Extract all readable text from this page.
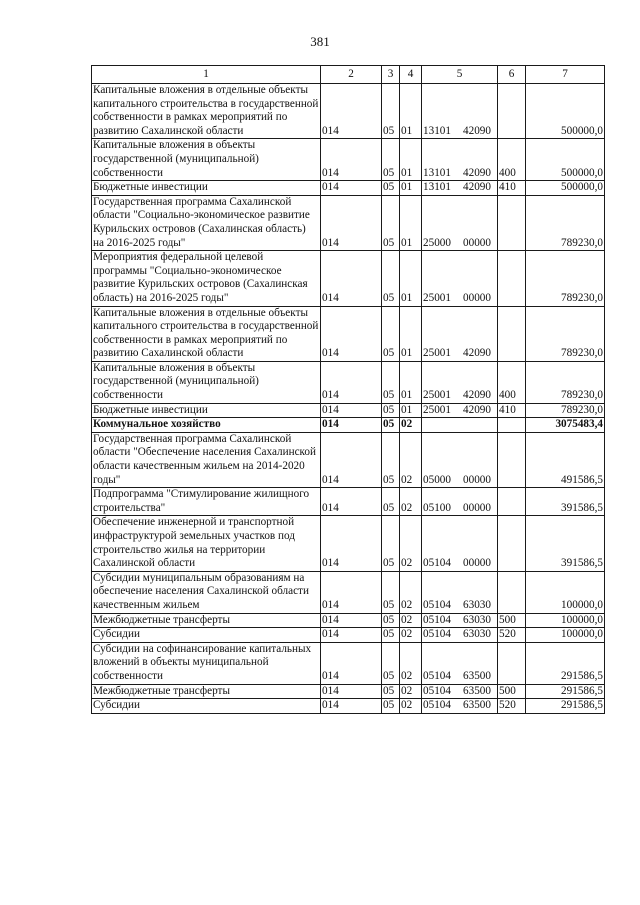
381
1	2	3	4	5	6	7
Капитальные вложения в отдельные объекты капитального строительства в государственной собственности в рамках мероприятий по развитию Сахалинской области	014	05	01	13101 42090		500000,0
Капитальные вложения в объекты государственной (муниципальной) собственности	014	05	01	13101 42090	400	500000,0
Бюджетные инвестиции	014	05	01	13101 42090	410	500000,0
Государственная программа Сахалинской области "Социально-экономическое развитие Курильских островов (Сахалинская область) на 2016-2025 годы"	014	05	01	25000 00000		789230,0
Мероприятия федеральной целевой программы "Социально-экономическое развитие Курильских островов (Сахалинская область) на 2016-2025 годы"	014	05	01	25001 00000		789230,0
Капитальные вложения в отдельные объекты капитального строительства в государственной собственности в рамках мероприятий по развитию Сахалинской области	014	05	01	25001 42090		789230,0
Капитальные вложения в объекты государственной (муниципальной) собственности	014	05	01	25001 42090	400	789230,0
Бюджетные инвестиции	014	05	01	25001 42090	410	789230,0
Коммунальное хозяйство	014	05	02			3075483,4
Государственная программа Сахалинской области "Обеспечение населения Сахалинской области качественным жильем на 2014-2020 годы"	014	05	02	05000 00000		491586,5
Подпрограмма "Стимулирование жилищного строительства"	014	05	02	05100 00000		391586,5
Обеспечение инженерной и транспортной инфраструктурой земельных участков под строительство жилья на территории Сахалинской области	014	05	02	05104 00000		391586,5
Субсидии муниципальным образованиям на обеспечение населения Сахалинской области качественным жильем	014	05	02	05104 63030		100000,0
Межбюджетные трансферты	014	05	02	05104 63030	500	100000,0
Субсидии	014	05	02	05104 63030	520	100000,0
Субсидии на софинансирование капитальных вложений в объекты муниципальной собственности	014	05	02	05104 63500		291586,5
Межбюджетные трансферты	014	05	02	05104 63500	500	291586,5
Субсидии	014	05	02	05104 63500	520	291586,5
